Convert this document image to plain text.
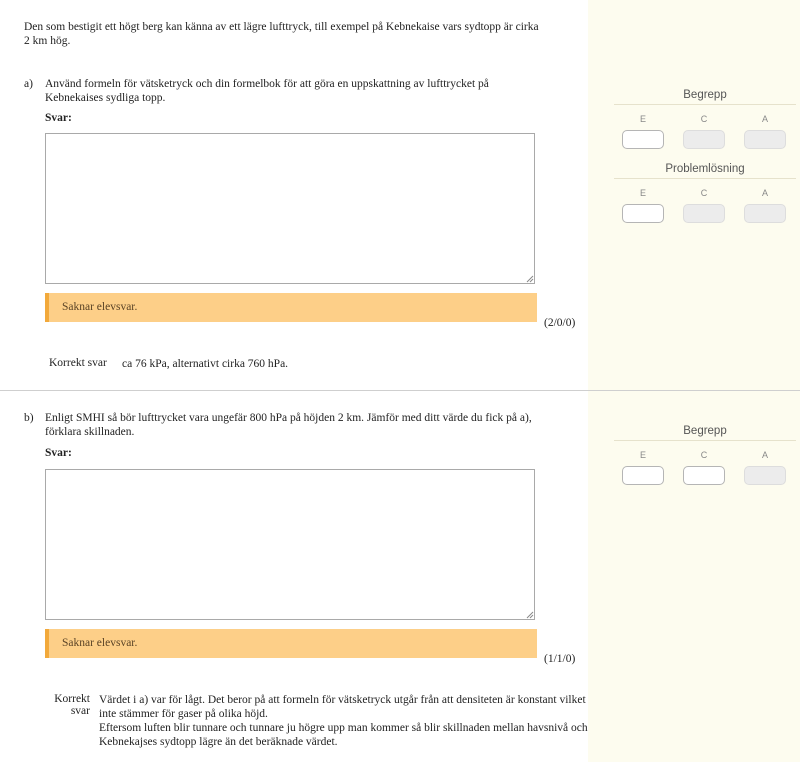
Den som bestigit ett högt berg kan känna av ett lägre lufttryck, till exempel på Kebnekaise vars sydtopp är cirka 2 km hög.
a) Använd formeln för vätsketryck och din formelbok för att göra en uppskattning av lufttrycket på Kebnekaises sydliga topp.
Svar:
Saknar elevsvar.
(2/0/0)
Korrekt svar ca 76 kPa, alternativt cirka 760 hPa.
Begrepp
E	C	A
Problemlösning
E	C	A
b) Enligt SMHI så bör lufttrycket vara ungefär 800 hPa på höjden 2 km. Jämför med ditt värde du fick på a), förklara skillnaden.
Svar:
Saknar elevsvar.
(1/1/0)
Korrekt
svar
Värdet i a) var för lågt. Det beror på att formeln för vätsketryck utgår från att densiteten är konstant vilket inte stämmer för gaser på olika höjd.
Eftersom luften blir tunnare och tunnare ju högre upp man kommer så blir skillnaden mellan havsnivå och Kebnekajses sydtopp lägre än det beräknade värdet.
Begrepp
E	C	A
